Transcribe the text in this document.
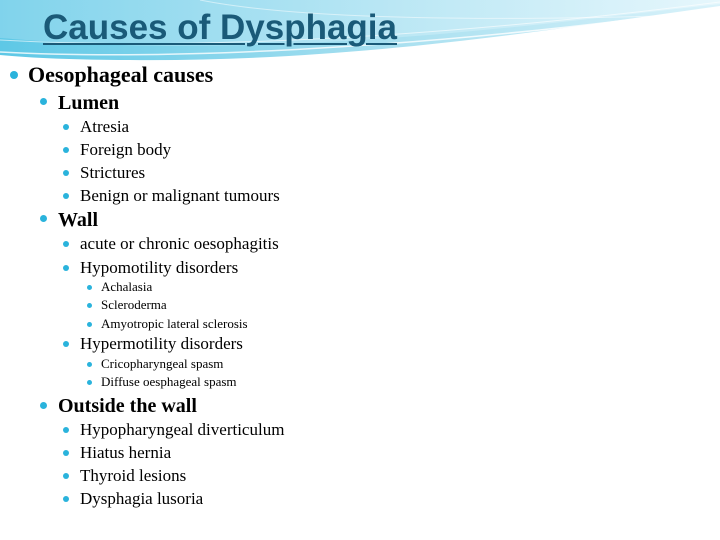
Causes of Dysphagia
Oesophageal causes
Lumen
Atresia
Foreign body
Strictures
Benign or malignant tumours
Wall
acute or chronic oesophagitis
Hypomotility disorders
Achalasia
Scleroderma
Amyotropic lateral sclerosis
Hypermotility disorders
Cricopharyngeal spasm
Diffuse oesphageal spasm
Outside the wall
Hypopharyngeal diverticulum
Hiatus hernia
Thyroid lesions
Dysphagia lusoria
